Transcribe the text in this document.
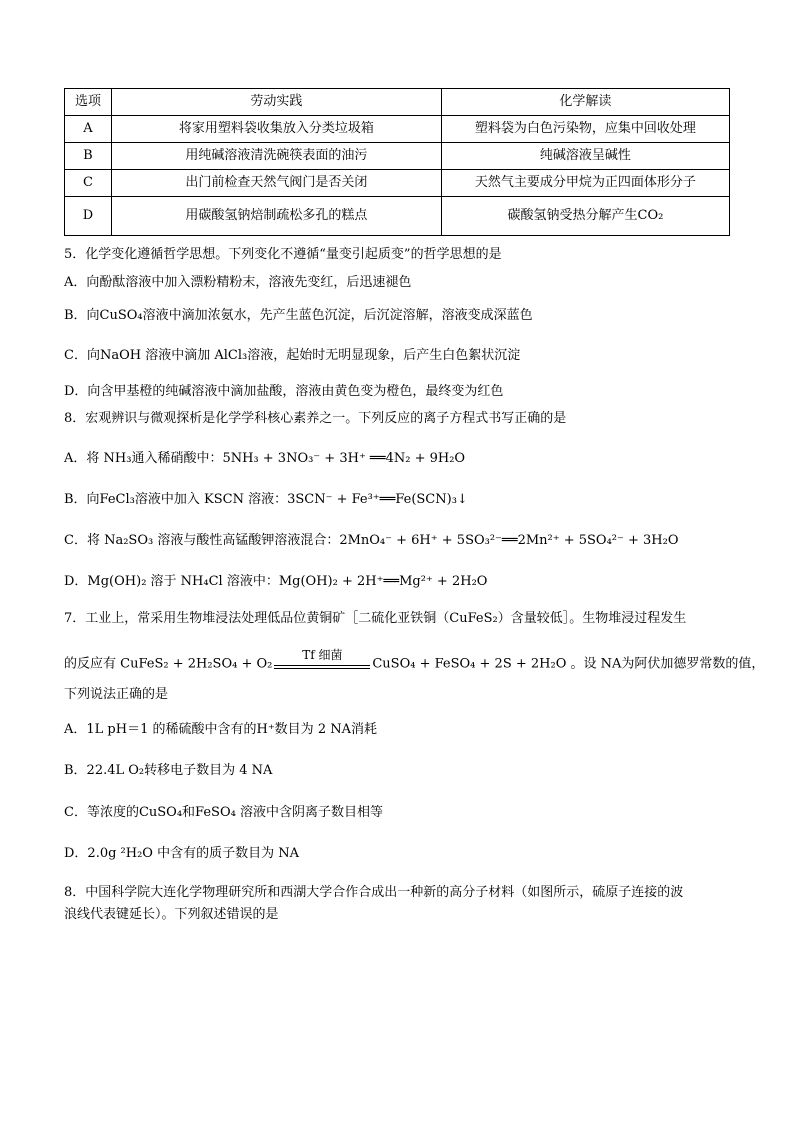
选项	劳动实践	化学解读
A	将家用塑料袋收集放入分类垃圾箱	塑料袋为白色污染物，应集中回收处理
B	用纯碱溶液清洗碗筷表面的油污	纯碱溶液呈碱性
C	出门前检查天然气阀门是否关闭	天然气主要成分甲烷为正四面体形分子
D	用碳酸氢钠焙制疏松多孔的糕点	碳酸氢钠受热分解产生CO₂
5．化学变化遵循哲学思想。下列变化不遵循“量变引起质变”的哲学思想的是
A．向酚酞溶液中加入漂粉精粉末，溶液先变红，后迅速褪色
B．向CuSO₄溶液中滴加浓氨水，先产生蓝色沉淀，后沉淀溶解，溶液变成深蓝色
C．向NaOH 溶液中滴加 AlCl₃溶液，起始时无明显现象，后产生白色絮状沉淀
D．向含甲基橙的纯碱溶液中滴加盐酸，溶液由黄色变为橙色，最终变为红色
8．宏观辨识与微观探析是化学学科核心素养之一。下列反应的离子方程式书写正确的是
A．将 NH₃通入稀硝酸中：5NH₃ + 3NO₃⁻ + 3H⁺ ══4N₂ + 9H₂O
B．向FeCl₃溶液中加入 KSCN 溶液：3SCN⁻ + Fe³⁺══Fe(SCN)₃↓
C．将 Na₂SO₃ 溶液与酸性高锰酸钾溶液混合：2MnO₄⁻ + 6H⁺ + 5SO₃²⁻══2Mn²⁺ + 5SO₄²⁻ + 3H₂O
D．Mg(OH)₂ 溶于 NH₄Cl 溶液中：Mg(OH)₂ + 2H⁺══Mg²⁺ + 2H₂O
7．工业上，常采用生物堆浸法处理低品位黄铜矿［二硫化亚铁铜（CuFeS₂）含量较低］。生物堆浸过程发生
的反应有 CuFeS₂ + 2H₂SO₄ + O₂
Tf 细菌
CuSO₄ + FeSO₄ + 2S + 2H₂O 。设 NA为阿伏加德罗常数的值，
下列说法正确的是
A．1L pH＝1 的稀硫酸中含有的H⁺数目为 2 NA消耗
B．22.4L O₂转移电子数目为 4 NA
C．等浓度的CuSO₄和FeSO₄ 溶液中含阴离子数目相等
D．2.0g ²H₂O 中含有的质子数目为 NA
8．中国科学院大连化学物理研究所和西湖大学合作合成出一种新的高分子材料（如图所示，硫原子连接的波
浪线代表键延长）。下列叙述错误的是
